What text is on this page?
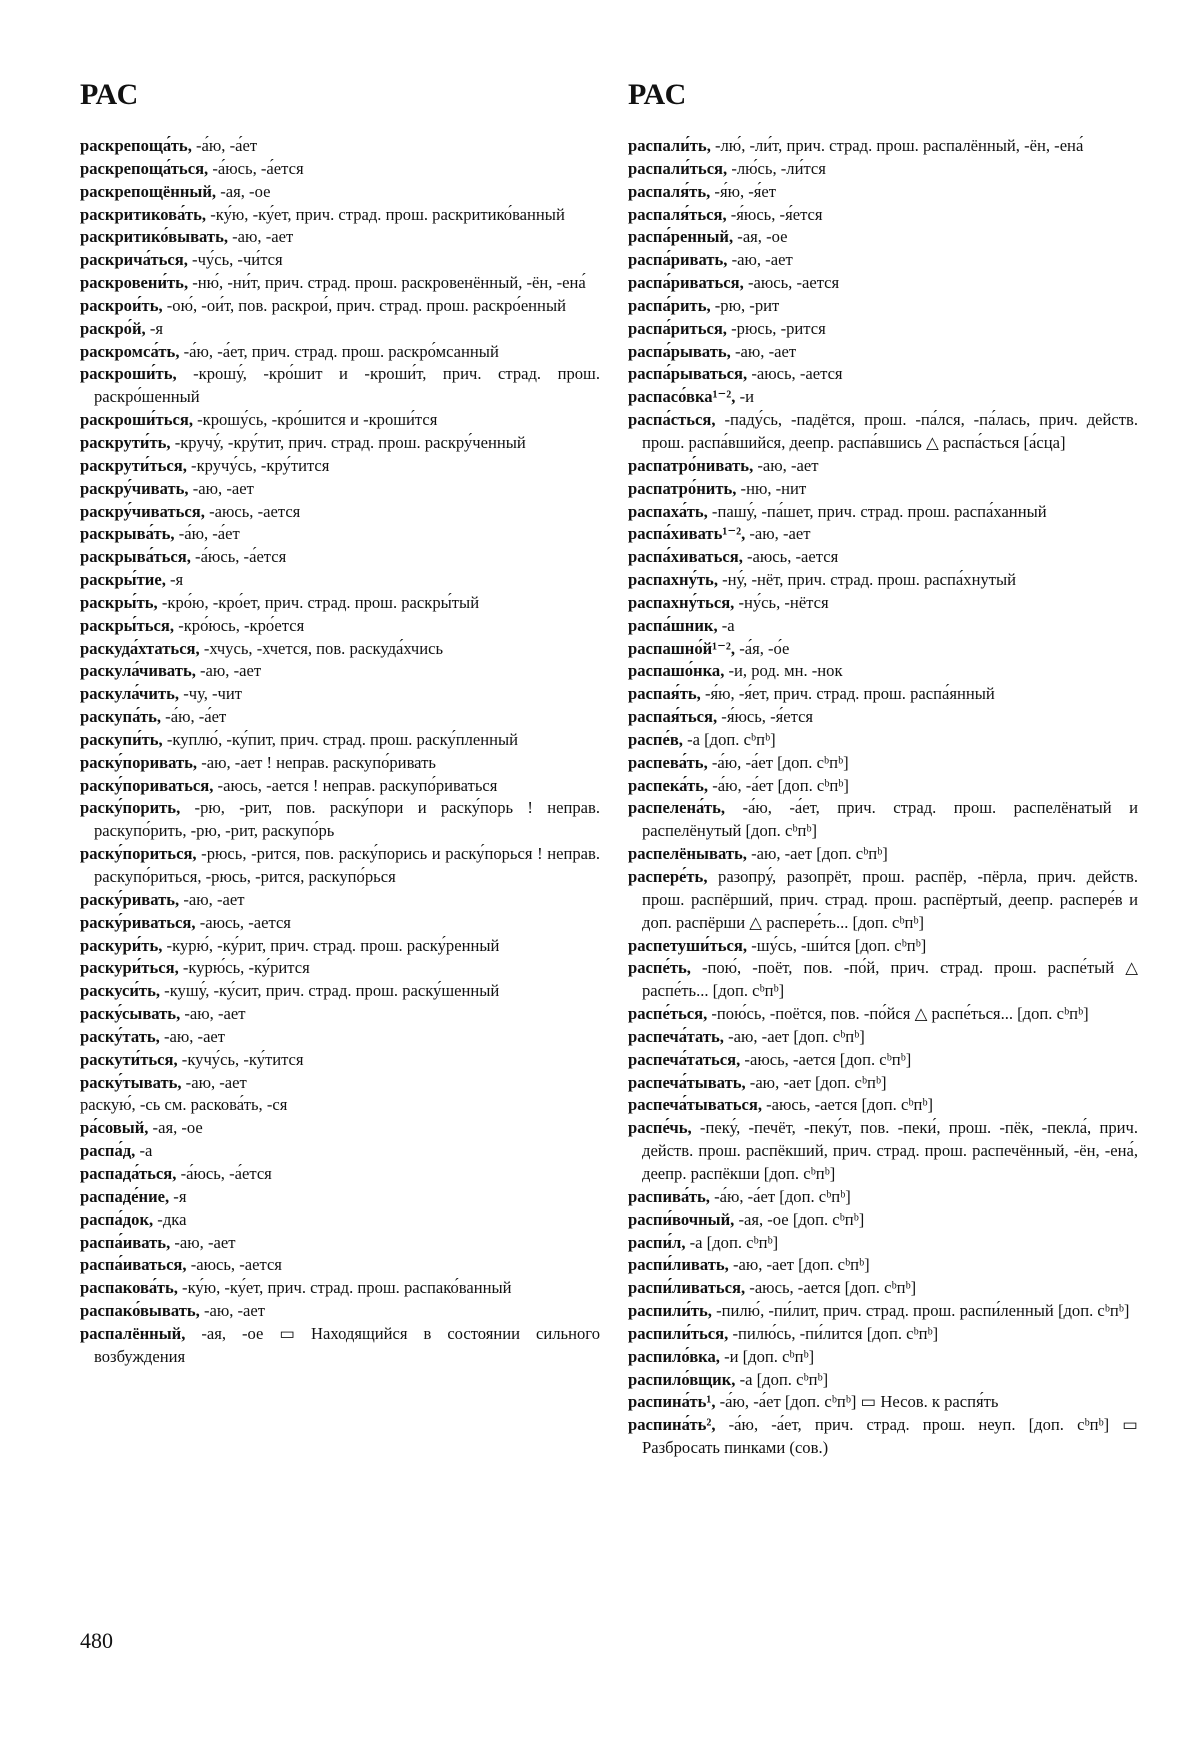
РАС	РАС

раскрепоща́ть, -а́ю, -а́ет

раскрепоща́ться, -а́юсь, -а́ется

раскрепощённый, -ая, -ое

раскритикова́ть, -ку́ю, -ку́ет, прич. страд. прош. раскритико́ванный

раскритико́вывать, -аю, -ает

раскрича́ться, -чу́сь, -чи́тся

раскровени́ть, -ню́, -ни́т, прич. страд. прош. раскровенённый, -ён, -ена́

раскрои́ть, -ою́, -ои́т, пов. раскрои́, прич. страд. прош. раскро́енный

раскро́й, -я

раскромса́ть, -а́ю, -а́ет, прич. страд. прош. раскро́мсанный

раскроши́ть, -крошу́, -кро́шит и -кроши́т, прич. страд. прош. раскро́шенный

раскроши́ться, -крошу́сь, -кро́шится и -кроши́тся

раскрути́ть, -кручу́, -кру́тит, прич. страд. прош. раскру́ченный

раскрути́ться, -кручу́сь, -кру́тится

раскру́чивать, -аю, -ает

раскру́чиваться, -аюсь, -ается

раскрыва́ть, -а́ю, -а́ет

раскрыва́ться, -а́юсь, -а́ется

раскры́тие, -я

раскры́ть, -кро́ю, -кро́ет, прич. страд. прош. раскры́тый

раскры́ться, -кро́юсь, -кро́ется

раскуда́хтаться, -хчусь, -хчется, пов. раскуда́хчись

раскула́чивать, -аю, -ает

раскула́чить, -чу, -чит

раскупа́ть, -а́ю, -а́ет

раскупи́ть, -куплю́, -ку́пит, прич. страд. прош. раску́пленный

раску́поривать, -аю, -ает ! неправ. раскупо́ривать

раску́пориваться, -аюсь, -ается ! неправ. раскупо́риваться

раску́порить, -рю, -рит, пов. раску́пори и раску́порь ! неправ. раскупо́рить, -рю, -рит, раскупо́рь

раску́пориться, -рюсь, -рится, пов. раску́порись и раску́порься ! неправ. раскупо́риться, -рюсь, -рится, раскупо́рься

раску́ривать, -аю, -ает

раску́риваться, -аюсь, -ается

раскури́ть, -курю́, -ку́рит, прич. страд. прош. раску́ренный

раскури́ться, -курю́сь, -ку́рится

раскуси́ть, -кушу́, -ку́сит, прич. страд. прош. раску́шенный

раску́сывать, -аю, -ает

раску́тать, -аю, -ает

раскути́ться, -кучу́сь, -ку́тится

раску́тывать, -аю, -ает

раскую́, -сь см. раскова́ть, -ся

ра́совый, -ая, -ое

распа́д, -а

распада́ться, -а́юсь, -а́ется

распаде́ние, -я

распа́док, -дка

распа́ивать, -аю, -ает

распа́иваться, -аюсь, -ается

распакова́ть, -ку́ю, -ку́ет, прич. страд. прош. распако́ванный

распако́вывать, -аю, -ает

распалённый, -ая, -ое ▭ Находящийся в состоянии сильного возбуждения

распали́ть, -лю́, -ли́т, прич. страд. прош. распалённый, -ён, -ена́

распали́ться, -лю́сь, -ли́тся

распаля́ть, -я́ю, -я́ет

распаля́ться, -я́юсь, -я́ется

распа́ренный, -ая, -ое

распа́ривать, -аю, -ает

распа́риваться, -аюсь, -ается

распа́рить, -рю, -рит

распа́риться, -рюсь, -рится

распа́рывать, -аю, -ает

распа́рываться, -аюсь, -ается

распасо́вка¹⁻², -и

распа́сться, -паду́сь, -падётся, прош. -па́лся, -па́лась, прич. действ. прош. распа́вшийся, деепр. распа́вшись △ распа́сться [а́сца]

распатро́нивать, -аю, -ает

распатро́нить, -ню, -нит

распаха́ть, -пашу́, -па́шет, прич. страд. прош. распа́ханный

распа́хивать¹⁻², -аю, -ает

распа́хиваться, -аюсь, -ается

распахну́ть, -ну́, -нёт, прич. страд. прош. распа́хнутый

распахну́ться, -ну́сь, -нётся

распа́шник, -а

распашно́й¹⁻², -а́я, -о́е

распашо́нка, -и, род. мн. -нок

распая́ть, -я́ю, -я́ет, прич. страд. прош. распа́янный

распая́ться, -я́юсь, -я́ется

распе́в, -а [доп. сᵇпᵇ]

распева́ть, -а́ю, -а́ет [доп. сᵇпᵇ]

распека́ть, -а́ю, -а́ет [доп. сᵇпᵇ]

распелена́ть, -а́ю, -а́ет, прич. страд. прош. распелёнатый и распелёнутый [доп. сᵇпᵇ]

распелёнывать, -аю, -ает [доп. сᵇпᵇ]

распере́ть, разопру́, разопрёт, прош. распёр, -пёрла, прич. действ. прош. распёрший, прич. страд. прош. распёртый, деепр. распере́в и доп. распёрши △ распере́ть... [доп. сᵇпᵇ]

распетуши́ться, -шу́сь, -ши́тся [доп. сᵇпᵇ]

распе́ть, -пою́, -поёт, пов. -по́й, прич. страд. прош. распе́тый △ распе́ть... [доп. сᵇпᵇ]

распе́ться, -пою́сь, -поётся, пов. -по́йся △ распе́ться... [доп. сᵇпᵇ]

распеча́тать, -аю, -ает [доп. сᵇпᵇ]

распеча́таться, -аюсь, -ается [доп. сᵇпᵇ]

распеча́тывать, -аю, -ает [доп. сᵇпᵇ]

распеча́тываться, -аюсь, -ается [доп. сᵇпᵇ]

распе́чь, -пеку́, -печёт, -пеку́т, пов. -пеки́, прош. -пёк, -пекла́, прич. действ. прош. распёкший, прич. страд. прош. распечённый, -ён, -ена́, деепр. распёкши [доп. сᵇпᵇ]

распива́ть, -а́ю, -а́ет [доп. сᵇпᵇ]

распи́вочный, -ая, -ое [доп. сᵇпᵇ]

распи́л, -а [доп. сᵇпᵇ]

распи́ливать, -аю, -ает [доп. сᵇпᵇ]

распи́ливаться, -аюсь, -ается [доп. сᵇпᵇ]

распили́ть, -пилю́, -пи́лит, прич. страд. прош. распи́ленный [доп. сᵇпᵇ]

распили́ться, -пилю́сь, -пи́лится [доп. сᵇпᵇ]

распило́вка, -и [доп. сᵇпᵇ]

распило́вщик, -а [доп. сᵇпᵇ]

распина́ть¹, -а́ю, -а́ет [доп. сᵇпᵇ] ▭ Несов. к распя́ть

распина́ть², -а́ю, -а́ет, прич. страд. прош. неуп. [доп. сᵇпᵇ] ▭ Разбросать пинками (сов.)

480
